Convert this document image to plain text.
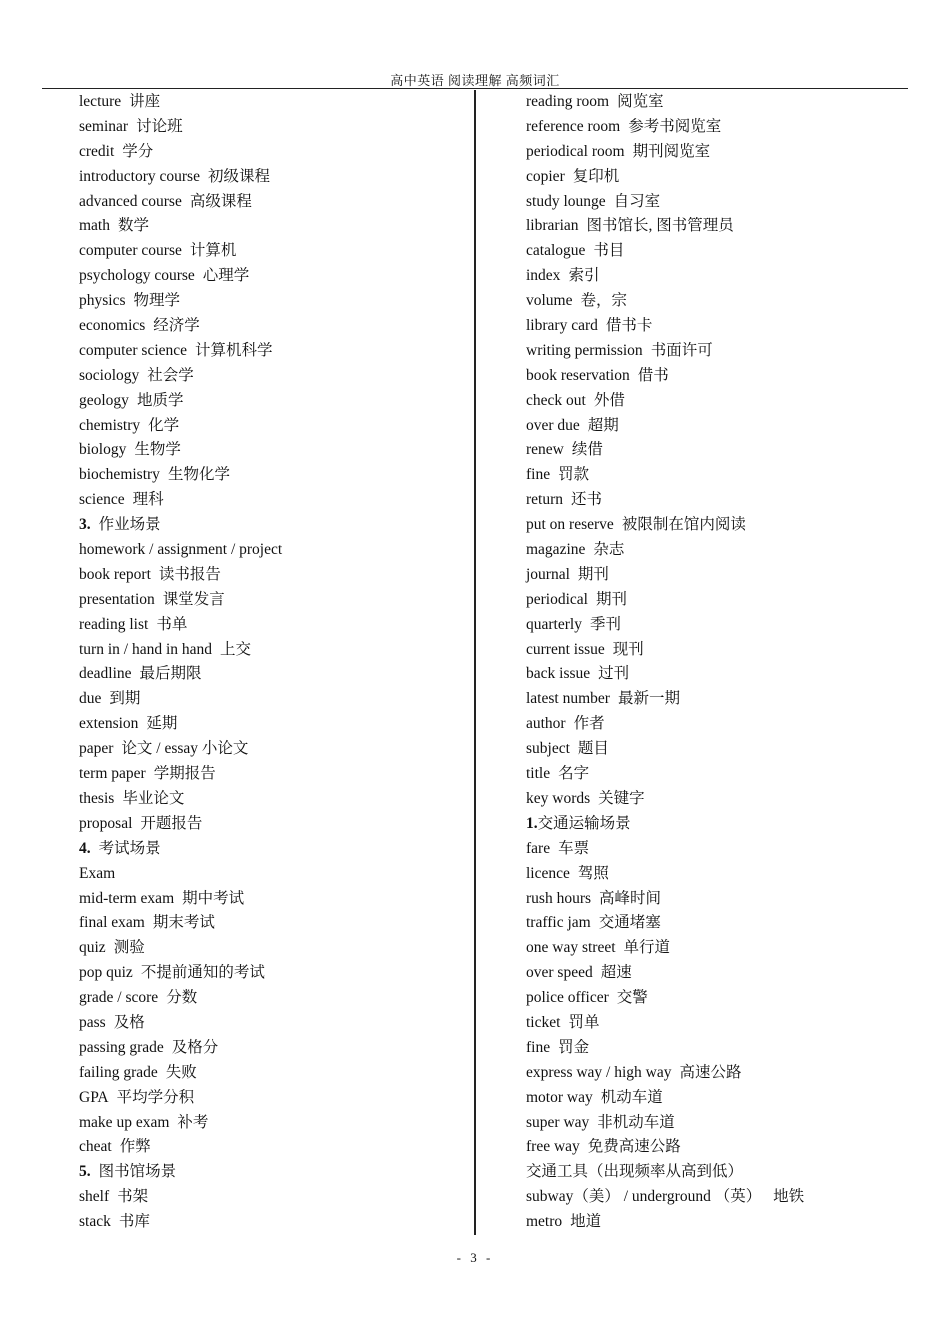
高中英语 阅读理解 高频词汇
lecture 讲座
seminar 讨论班
credit 学分
introductory course 初级课程
advanced course 高级课程
math 数学
computer course 计算机
psychology course 心理学
physics 物理学
economics 经济学
computer science 计算机科学
sociology 社会学
geology 地质学
chemistry 化学
biology 生物学
biochemistry 生物化学
science 理科
3. 作业场景
homework / assignment / project
book report 读书报告
presentation 课堂发言
reading list 书单
turn in / hand in hand 上交
deadline 最后期限
due 到期
extension 延期
paper 论文 / essay 小论文
term paper 学期报告
thesis 毕业论文
proposal 开题报告
4. 考试场景
Exam
mid-term exam 期中考试
final exam 期末考试
quiz 测验
pop quiz 不提前通知的考试
grade / score 分数
pass 及格
passing grade 及格分
failing grade 失败
GPA 平均学分积
make up exam 补考
cheat 作弊
5. 图书馆场景
shelf 书架
stack 书库
reading room 阅览室
reference room 参考书阅览室
periodical room 期刊阅览室
copier 复印机
study lounge 自习室
librarian 图书馆长, 图书管理员
catalogue 书目
index 索引
volume 卷，宗
library card 借书卡
writing permission 书面许可
book reservation 借书
check out 外借
over due 超期
renew 续借
fine 罚款
return 还书
put on reserve 被限制在馆内阅读
magazine 杂志
journal 期刊
periodical 期刊
quarterly 季刊
current issue 现刊
back issue 过刊
latest number 最新一期
author 作者
subject 题目
title 名字
key words 关键字
1.交通运输场景
fare 车票
licence 驾照
rush hours 高峰时间
traffic jam 交通堵塞
one way street 单行道
over speed 超速
police officer 交警
ticket 罚单
fine 罚金
express way / high way 高速公路
motor way 机动车道
super way 非机动车道
free way 免费高速公路
交通工具（出现频率从高到低）
subway（美） / underground （英） 地铁
metro 地道
- 3 -
